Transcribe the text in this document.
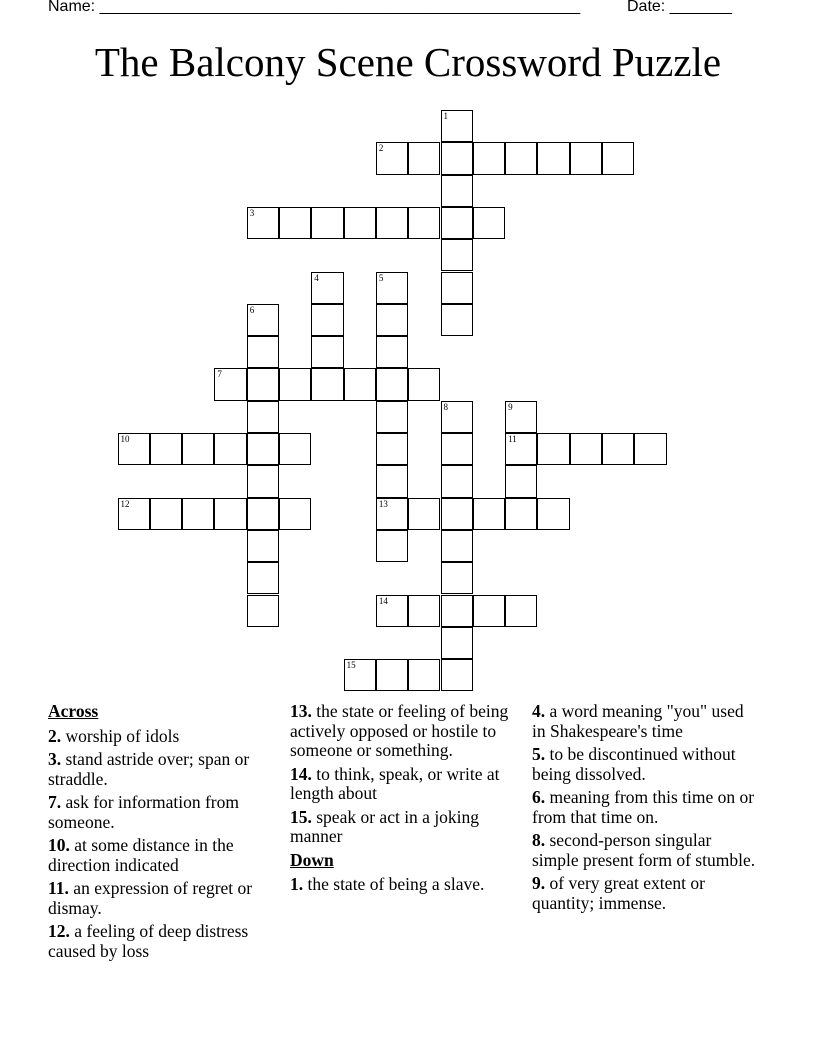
Name: ______________________________________________________	Date: _______
The Balcony Scene Crossword Puzzle
1
2
3
4	5
13
6
7
8	9
11
10
12
14
15
Across
2. worship of idols
3. stand astride over; span or straddle.
7. ask for information from someone.
10. at some distance in the direction indicated
11. an expression of regret or dismay.
12. a feeling of deep distress caused by loss
13. the state or feeling of being actively opposed or hostile to someone or something.
14. to think, speak, or write at length about
15. speak or act in a joking manner
Down
1. the state of being a slave.
4. a word meaning "you" used in Shakespeare's time
5. to be discontinued without being dissolved.
6. meaning from this time on or from that time on.
8. second-person singular simple present form of stumble.
9. of very great extent or quantity; immense.
